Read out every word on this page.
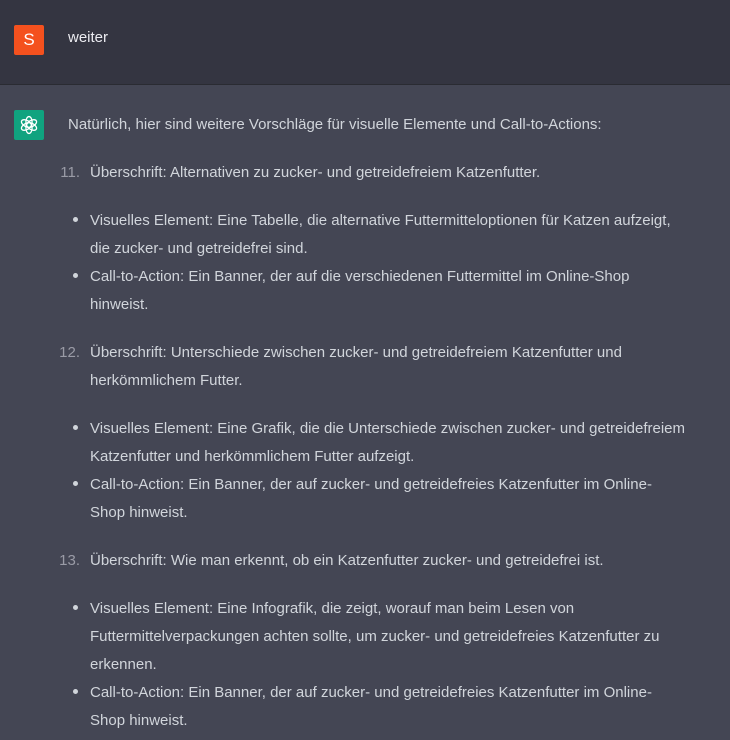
S	weiter
Natürlich, hier sind weitere Vorschläge für visuelle Elemente und Call-to-Actions:
11. Überschrift: Alternativen zu zucker- und getreidefreiem Katzenfutter.
Visuelles Element: Eine Tabelle, die alternative Futtermitteloptionen für Katzen aufzeigt,
die zucker- und getreidefrei sind.
Call-to-Action: Ein Banner, der auf die verschiedenen Futtermittel im Online-Shop
hinweist.
12. Überschrift: Unterschiede zwischen zucker- und getreidefreiem Katzenfutter und
herkömmlichem Futter.
Visuelles Element: Eine Grafik, die die Unterschiede zwischen zucker- und getreidefreiem
Katzenfutter und herkömmlichem Futter aufzeigt.
Call-to-Action: Ein Banner, der auf zucker- und getreidefreies Katzenfutter im Online-
Shop hinweist.
13. Überschrift: Wie man erkennt, ob ein Katzenfutter zucker- und getreidefrei ist.
Visuelles Element: Eine Infografik, die zeigt, worauf man beim Lesen von
Futtermittelverpackungen achten sollte, um zucker- und getreidefreies Katzenfutter zu
erkennen.
Call-to-Action: Ein Banner, der auf zucker- und getreidefreies Katzenfutter im Online-
Shop hinweist.
